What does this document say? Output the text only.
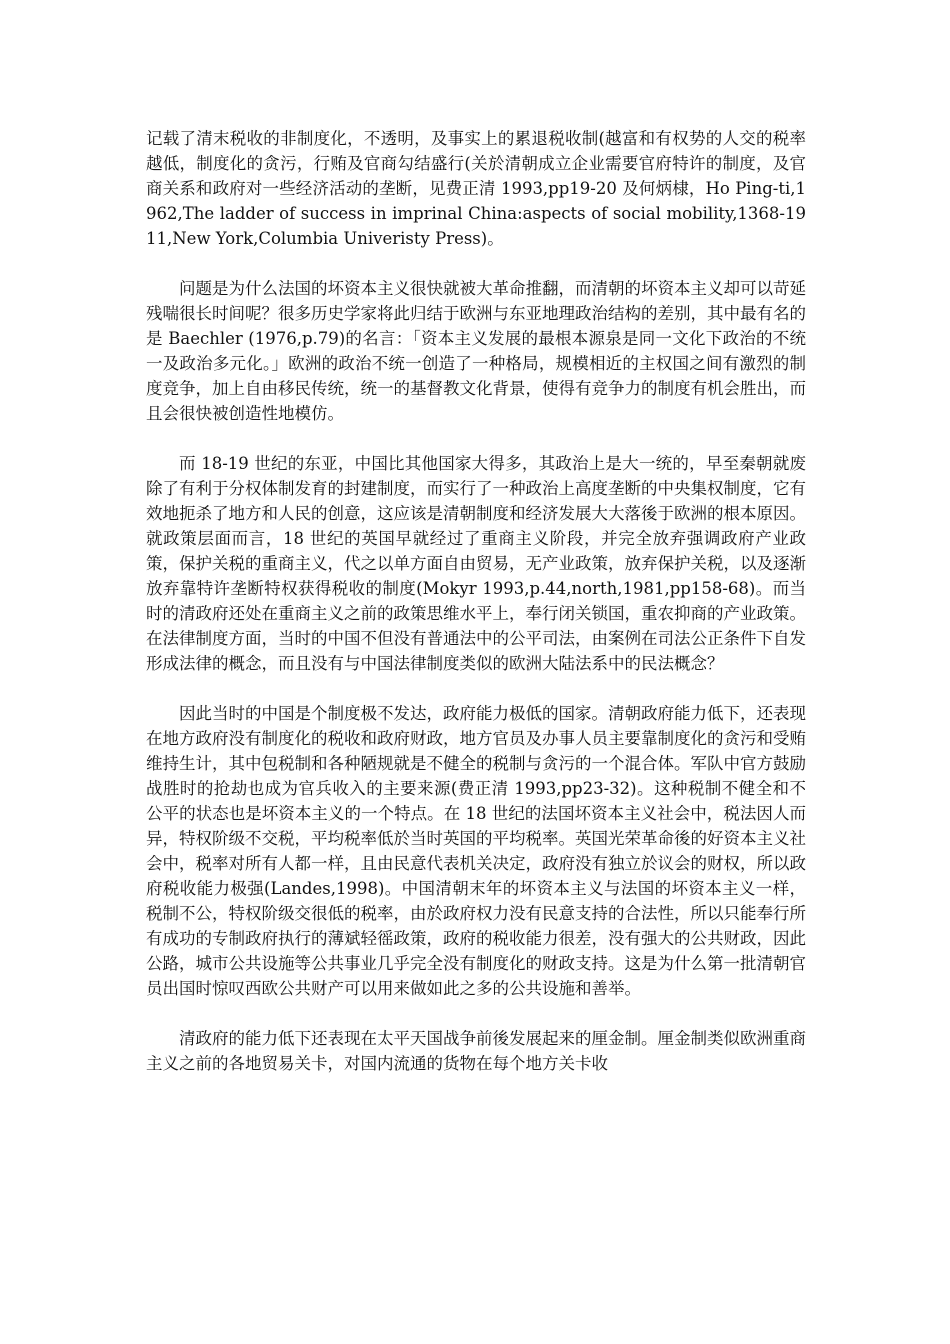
记载了清末税收的非制度化，不透明，及事实上的累退税收制(越富和有权势的人交的税率越低，制度化的贪污，行贿及官商勾结盛行(关於清朝成立企业需要官府特许的制度，及官商关系和政府对一些经济活动的垄断，见费正清 1993,pp19-20 及何炳棣，Ho Ping-ti,1962,The ladder of success in imprinal China:aspects of social mobility,1368-1911,New York,Columbia Univeristy Press)。

问题是为什么法国的坏资本主义很快就被大革命推翻，而清朝的坏资本主义却可以苛延残喘很长时间呢？很多历史学家将此归结于欧洲与东亚地理政治结构的差别，其中最有名的是 Baechler (1976,p.79)的名言：「资本主义发展的最根本源泉是同一文化下政治的不统一及政治多元化。」欧洲的政治不统一创造了一种格局，规模相近的主权国之间有激烈的制度竞争，加上自由移民传统，统一的基督教文化背景，使得有竞争力的制度有机会胜出，而且会很快被创造性地模仿。

而 18-19 世纪的东亚，中国比其他国家大得多，其政治上是大一统的，早至秦朝就废除了有利于分权体制发育的封建制度，而实行了一种政治上高度垄断的中央集权制度，它有效地扼杀了地方和人民的创意，这应该是清朝制度和经济发展大大落後于欧洲的根本原因。就政策层面而言，18 世纪的英国早就经过了重商主义阶段，并完全放弃强调政府产业政策，保护关税的重商主义，代之以单方面自由贸易，无产业政策，放弃保护关税，以及逐渐放弃靠特许垄断特权获得税收的制度(Mokyr 1993,p.44,north,1981,pp158-68)。而当时的清政府还处在重商主义之前的政策思维水平上，奉行闭关锁国，重农抑商的产业政策。在法律制度方面，当时的中国不但没有普通法中的公平司法，由案例在司法公正条件下自发形成法律的概念，而且没有与中国法律制度类似的欧洲大陆法系中的民法概念？

因此当时的中国是个制度极不发达，政府能力极低的国家。清朝政府能力低下，还表现在地方政府没有制度化的税收和政府财政，地方官员及办事人员主要靠制度化的贪污和受贿维持生计，其中包税制和各种陋规就是不健全的税制与贪污的一个混合体。军队中官方鼓励战胜时的抢劫也成为官兵收入的主要来源(费正清 1993,pp23-32)。这种税制不健全和不公平的状态也是坏资本主义的一个特点。在 18 世纪的法国坏资本主义社会中，税法因人而异，特权阶级不交税，平均税率低於当时英国的平均税率。英国光荣革命後的好资本主义社会中，税率对所有人都一样，且由民意代表机关决定，政府没有独立於议会的财权，所以政府税收能力极强(Landes,1998)。中国清朝末年的坏资本主义与法国的坏资本主义一样，税制不公，特权阶级交很低的税率，由於政府权力没有民意支持的合法性，所以只能奉行所有成功的专制政府执行的薄斌轻徭政策，政府的税收能力很差，没有强大的公共财政，因此公路，城市公共设施等公共事业几乎完全没有制度化的财政支持。这是为什么第一批清朝官员出国时惊叹西欧公共财产可以用来做如此之多的公共设施和善举。

清政府的能力低下还表现在太平天国战争前後发展起来的厘金制。厘金制类似欧洲重商主义之前的各地贸易关卡，对国内流通的货物在每个地方关卡收
